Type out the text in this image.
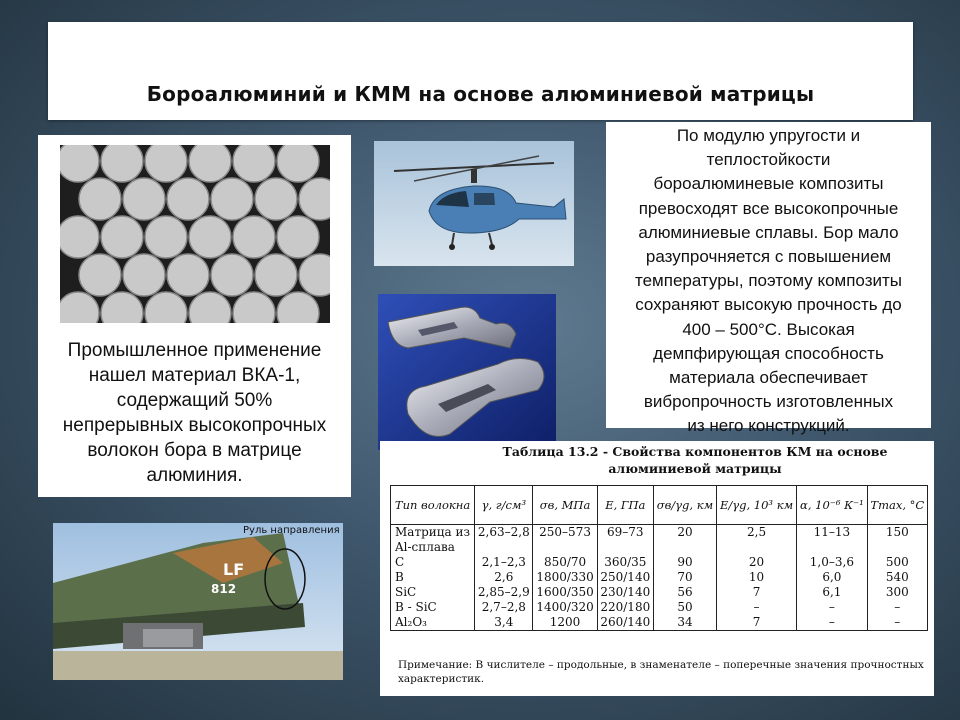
Бороалюминий и КММ на основе алюминиевой матрицы
Промышленное применение
нашел материал ВКА-1,
содержащий 50%
непрерывных высокопрочных
волокон бора в матрице
алюминия.
По модулю упругости и
теплостойкости
бороалюминевые композиты
превосходят все высокопрочные
алюминиевые сплавы. Бор мало
разупрочняется с повышением
температуры, поэтому композиты
сохраняют высокую прочность до
400 – 500°С. Высокая
демпфирующая способность
материала обеспечивает
вибропрочность изготовленных
из него конструкций.
Руль направления
LF
812
Таблица 13.2 - Свойства компонентов КМ на основе
алюминиевой матрицы
Тип волокна	γ, г/см³	σв, МПа	E, ГПа	σв/γg, км	E/γg, 10³ км	α, 10⁻⁶ К⁻¹	Tmax, °С
Матрица из	2,63–2,8	250–573	69–73	20	2,5	11–13	150
Al-сплава							
C	2,1–2,3	850/70	360/35	90	20	1,0–3,6	500
B	2,6	1800/330	250/140	70	10	6,0	540
SiC	2,85–2,9	1600/350	230/140	56	7	6,1	300
B - SiC	2,7–2,8	1400/320	220/180	50	–	–	–
Al₂O₃	3,4	1200	260/140	34	7	–	–
Примечание: В числителе – продольные, в знаменателе – поперечные значения прочностных характеристик.
